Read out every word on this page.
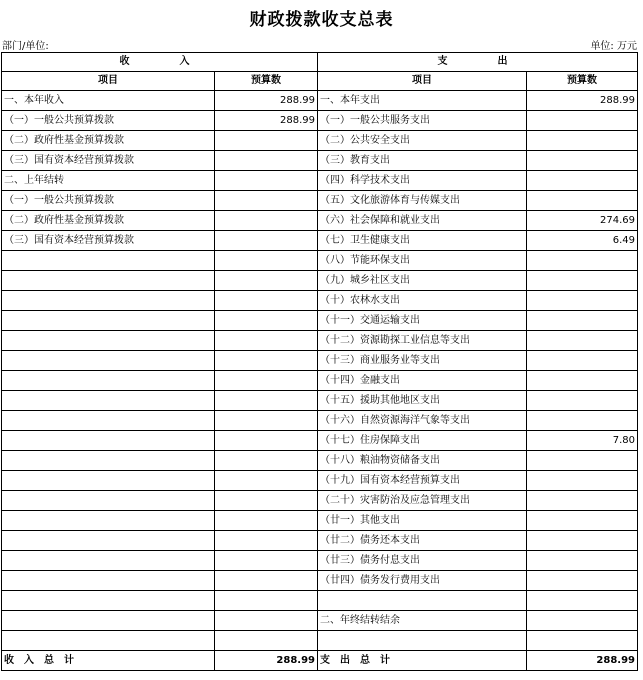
财政拨款收支总表
部门/单位:	单位: 万元
收　　入		支　　出	
项目	预算数	项目	预算数
一、本年收入	288.99	一、本年支出	288.99
（一）一般公共预算拨款	288.99	（一）一般公共服务支出	
（二）政府性基金预算拨款		（二）公共安全支出	
（三）国有资本经营预算拨款		（三）教育支出	
二、上年结转		（四）科学技术支出	
（一）一般公共预算拨款		（五）文化旅游体育与传媒支出	
（二）政府性基金预算拨款		（六）社会保障和就业支出	274.69
（三）国有资本经营预算拨款		（七）卫生健康支出	6.49
		（八）节能环保支出	
		（九）城乡社区支出	
		（十）农林水支出	
		（十一）交通运输支出	
		（十二）资源勘探工业信息等支出	
		（十三）商业服务业等支出	
		（十四）金融支出	
		（十五）援助其他地区支出	
		（十六）自然资源海洋气象等支出	
		（十七）住房保障支出	7.80
		（十八）粮油物资储备支出	
		（十九）国有资本经营预算支出	
		（二十）灾害防治及应急管理支出	
		（廿一）其他支出	
		（廿二）债务还本支出	
		（廿三）债务付息支出	
		（廿四）债务发行费用支出	

		二、年终结转结余	

收　入　总　计	288.99	支　出　总　计	288.99
